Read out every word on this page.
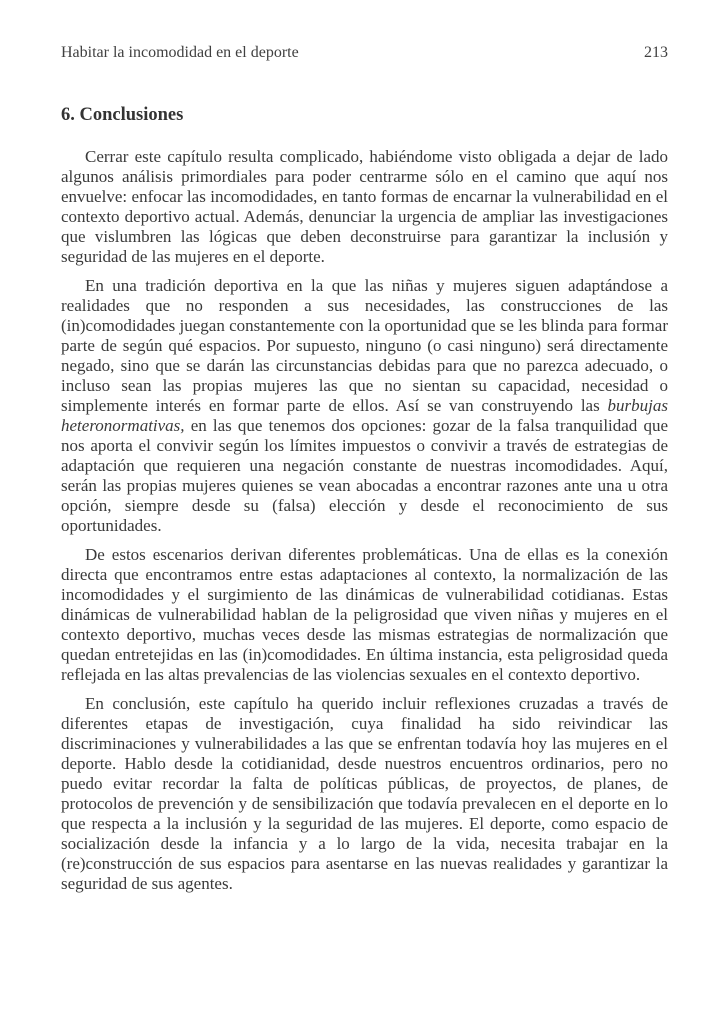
Habitar la incomodidad en el deporte	213
6. Conclusiones

Cerrar este capítulo resulta complicado, habiéndome visto obligada a dejar de lado algunos análisis primordiales para poder centrarme sólo en el camino que aquí nos envuelve: enfocar las incomodidades, en tanto formas de encarnar la vulnerabilidad en el contexto deportivo actual. Además, denunciar la urgencia de ampliar las investigaciones que vislumbren las lógicas que deben deconstruirse para garantizar la inclusión y seguridad de las mujeres en el deporte.

En una tradición deportiva en la que las niñas y mujeres siguen adaptándose a realidades que no responden a sus necesidades, las construcciones de las (in)comodidades juegan constantemente con la oportunidad que se les blinda para formar parte de según qué espacios. Por supuesto, ninguno (o casi ninguno) será directamente negado, sino que se darán las circunstancias debidas para que no parezca adecuado, o incluso sean las propias mujeres las que no sientan su capacidad, necesidad o simplemente interés en formar parte de ellos. Así se van construyendo las burbujas heteronormativas, en las que tenemos dos opciones: gozar de la falsa tranquilidad que nos aporta el convivir según los límites impuestos o convivir a través de estrategias de adaptación que requieren una negación constante de nuestras incomodidades. Aquí, serán las propias mujeres quienes se vean abocadas a encontrar razones ante una u otra opción, siempre desde su (falsa) elección y desde el reconocimiento de sus oportunidades.

De estos escenarios derivan diferentes problemáticas. Una de ellas es la conexión directa que encontramos entre estas adaptaciones al contexto, la normalización de las incomodidades y el surgimiento de las dinámicas de vulnerabilidad cotidianas. Estas dinámicas de vulnerabilidad hablan de la peligrosidad que viven niñas y mujeres en el contexto deportivo, muchas veces desde las mismas estrategias de normalización que quedan entretejidas en las (in)comodidades. En última instancia, esta peligrosidad queda reflejada en las altas prevalencias de las violencias sexuales en el contexto deportivo.

En conclusión, este capítulo ha querido incluir reflexiones cruzadas a través de diferentes etapas de investigación, cuya finalidad ha sido reivindicar las discriminaciones y vulnerabilidades a las que se enfrentan todavía hoy las mujeres en el deporte. Hablo desde la cotidianidad, desde nuestros encuentros ordinarios, pero no puedo evitar recordar la falta de políticas públicas, de proyectos, de planes, de protocolos de prevención y de sensibilización que todavía prevalecen en el deporte en lo que respecta a la inclusión y la seguridad de las mujeres. El deporte, como espacio de socialización desde la infancia y a lo largo de la vida, necesita trabajar en la (re)construcción de sus espacios para asentarse en las nuevas realidades y garantizar la seguridad de sus agentes.
